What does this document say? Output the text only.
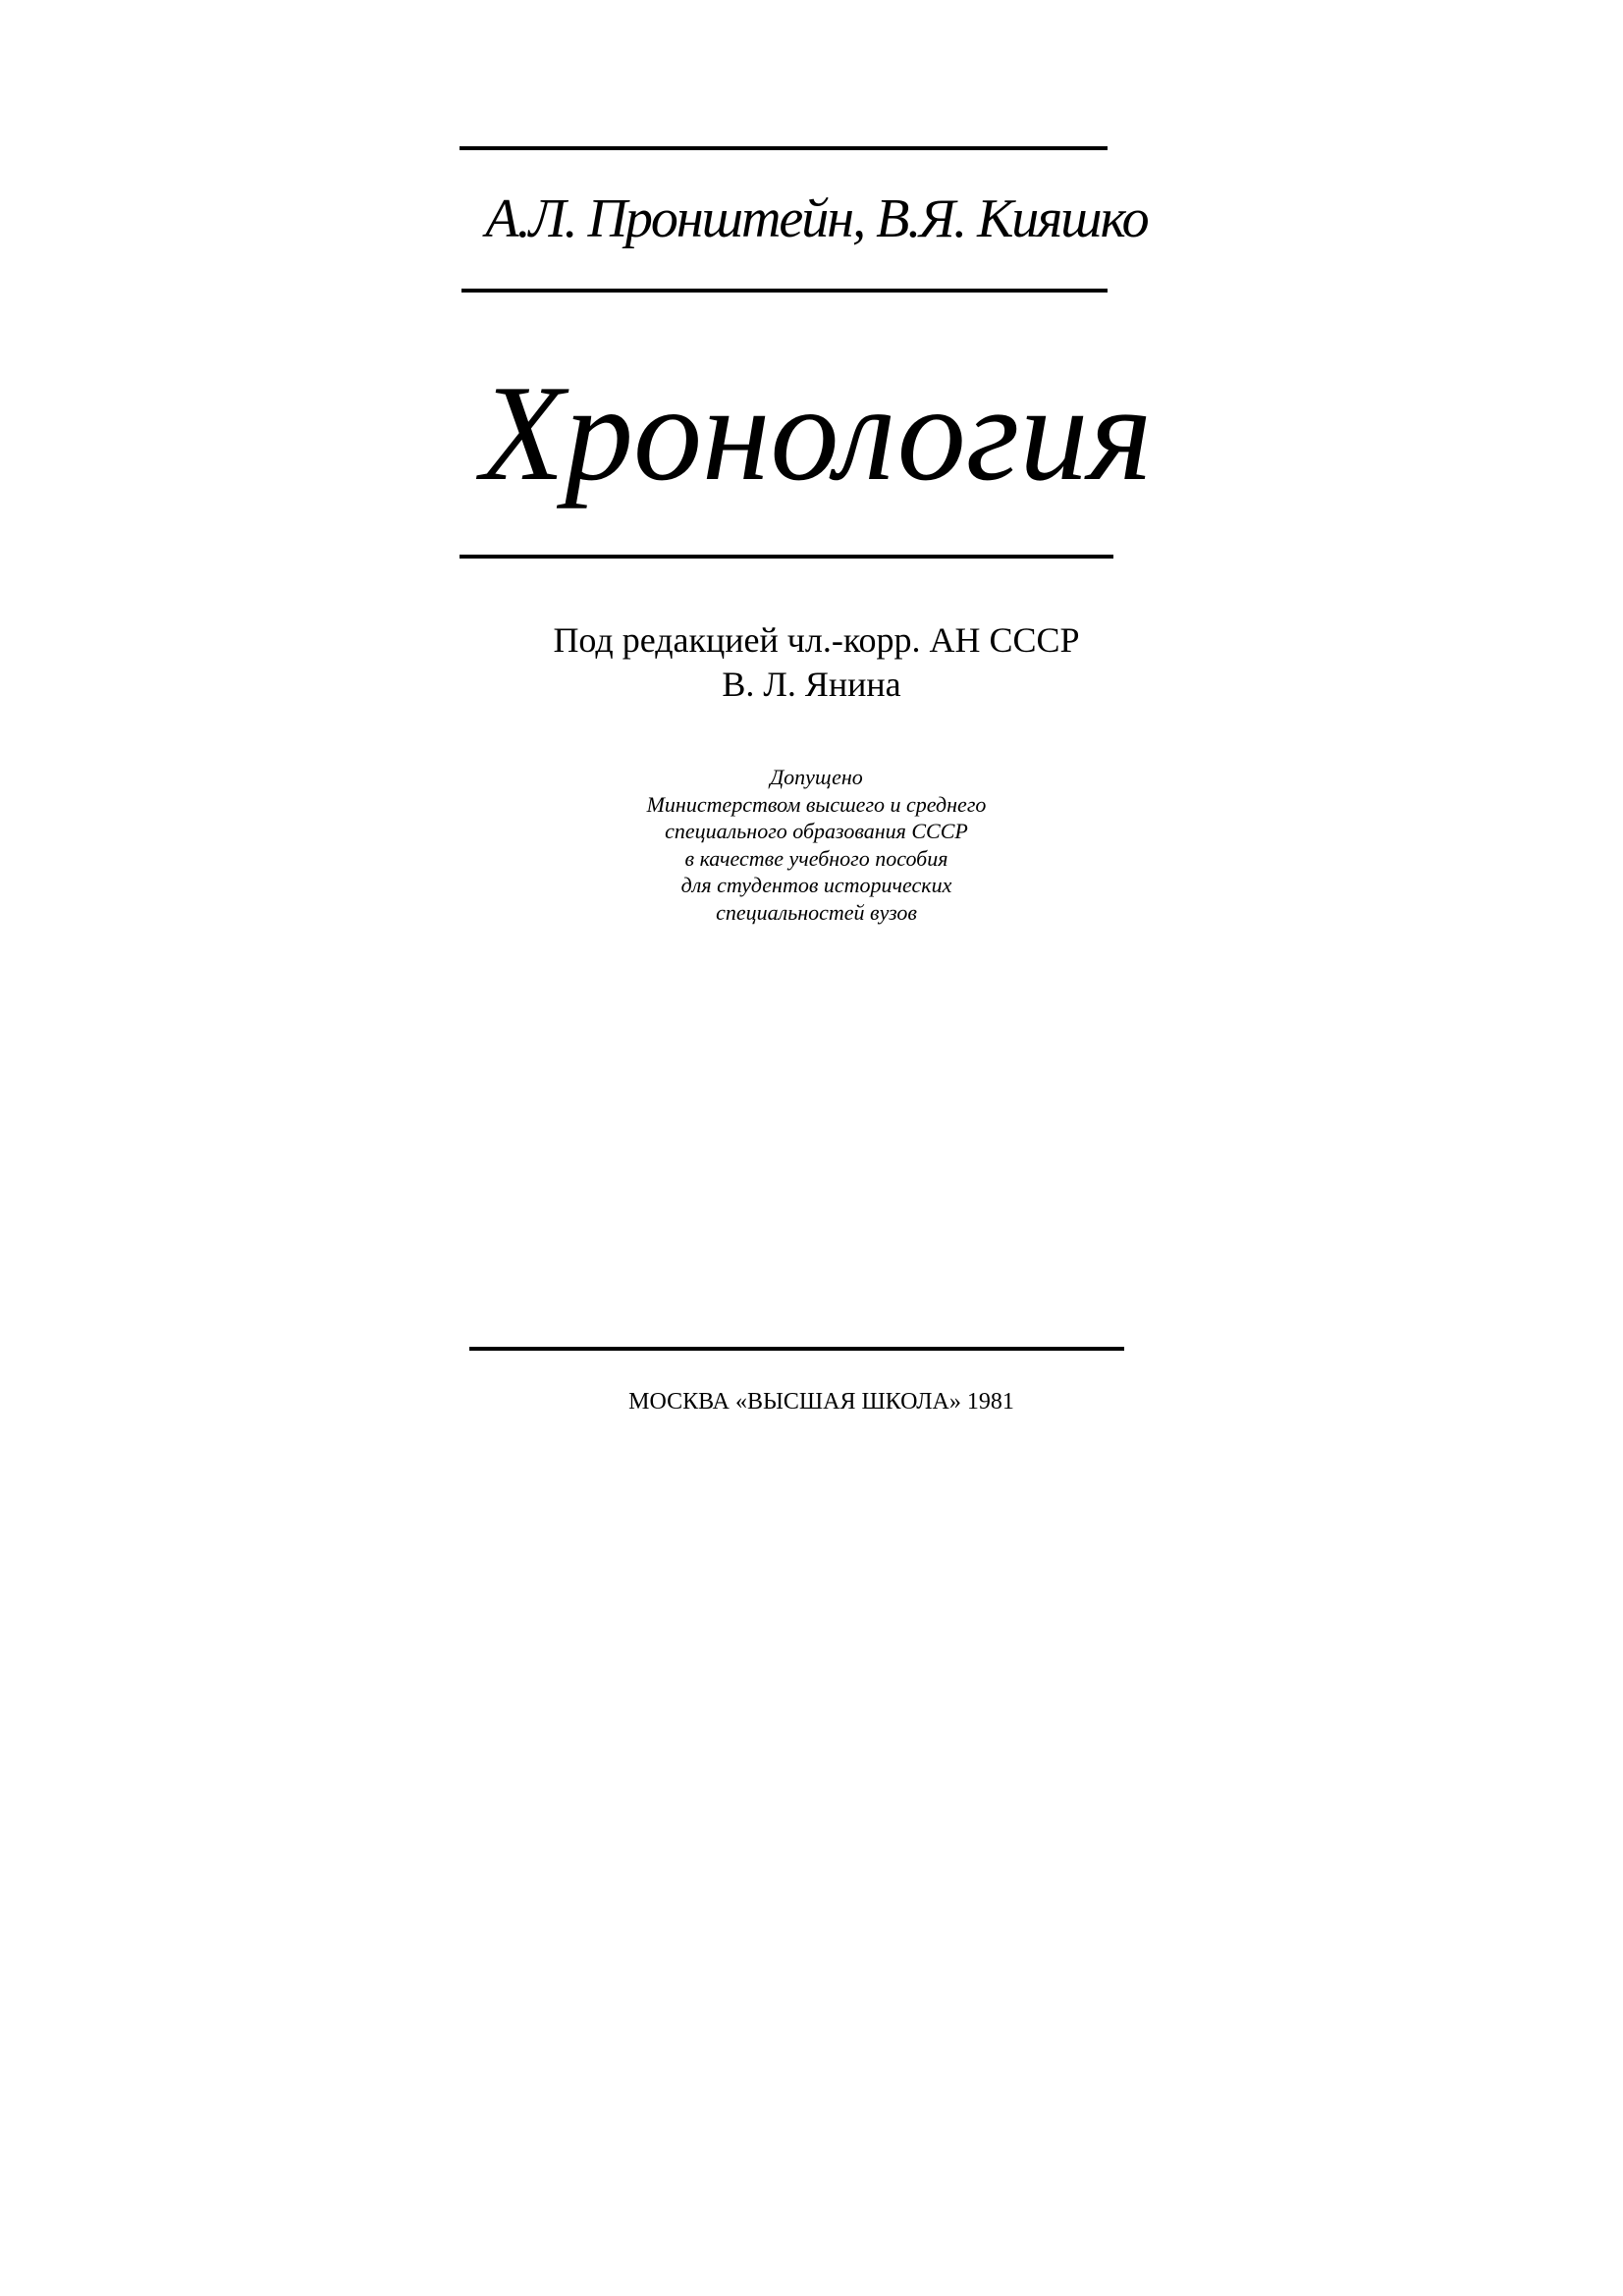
А.Л. Пронштейн, В.Я. Кияшко
Хронология
Под редакцией чл.-корр. АН СССР
В. Л. Янина
Допущено
Министерством высшего и среднего
специального образования СССР
в качестве учебного пособия
для студентов исторических
специальностей вузов
МОСКВА «ВЫСШАЯ ШКОЛА» 1981
